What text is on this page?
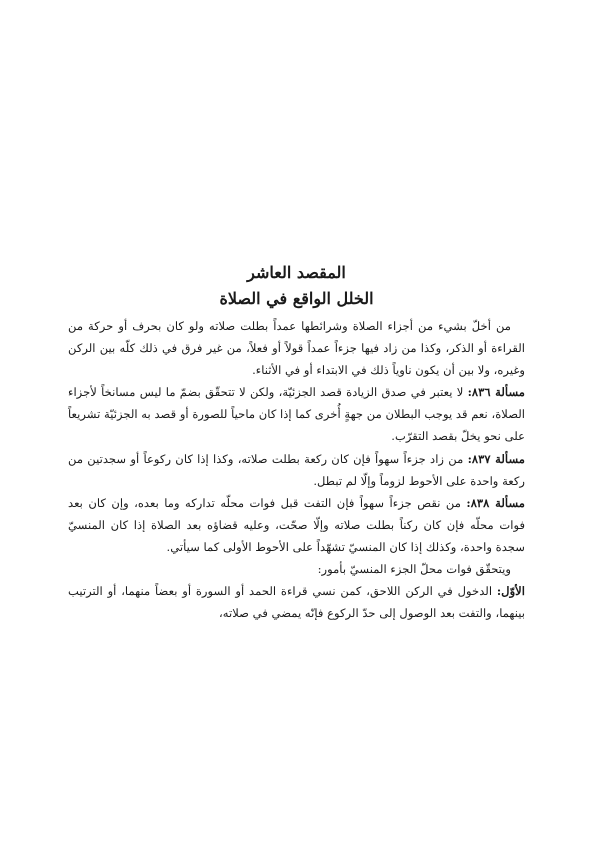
المقصد العاشر
الخلل الواقع في الصلاة

من أخلّ بشيء من أجزاء الصلاة وشرائطها عمداً بطلت صلاته ولو كان بحرف أو حركة من القراءة أو الذكر، وكذا من زاد فيها جزءاً عمداً قولاً أو فعلاً، من غير فرق في ذلك كلّه بين الركن وغيره، ولا بين أن يكون ناوياً ذلك في الابتداء أو في الأثناء.

مسألة ٨٣٦: لا يعتبر في صدق الزيادة قصد الجزئيّة، ولكن لا تتحقّق بضمّ ما ليس مسانخاً لأجزاء الصلاة، نعم قد يوجب البطلان من جهةٍ أُخرى كما إذا كان ماحياً للصورة أو قصد به الجزئيّة تشريعاً على نحو يخلّ بقصد التقرّب.

مسألة ٨٣٧: من زاد جزءاً سهواً فإن كان ركعة بطلت صلاته، وكذا إذا كان ركوعاً أو سجدتين من ركعة واحدة على الأحوط لزوماً وإلّا لم تبطل.

مسألة ٨٣٨: من نقص جزءاً سهواً فإن التفت قبل فوات محلّه تداركه وما بعده، وإن كان بعد فوات محلّه فإن كان ركناً بطلت صلاته وإلّا صحّت، وعليه قضاؤه بعد الصلاة إذا كان المنسيّ سجدة واحدة، وكذلك إذا كان المنسيّ تشهّداً على الأحوط الأولى كما سيأتي.

ويتحقّق فوات محلّ الجزء المنسيّ بأمور:

الأوّل: الدخول في الركن اللاحق، كمن نسي قراءة الحمد أو السورة أو بعضاً منهما، أو الترتيب بينهما، والتفت بعد الوصول إلى حدّ الركوع فإنّه يمضي في صلاته،
